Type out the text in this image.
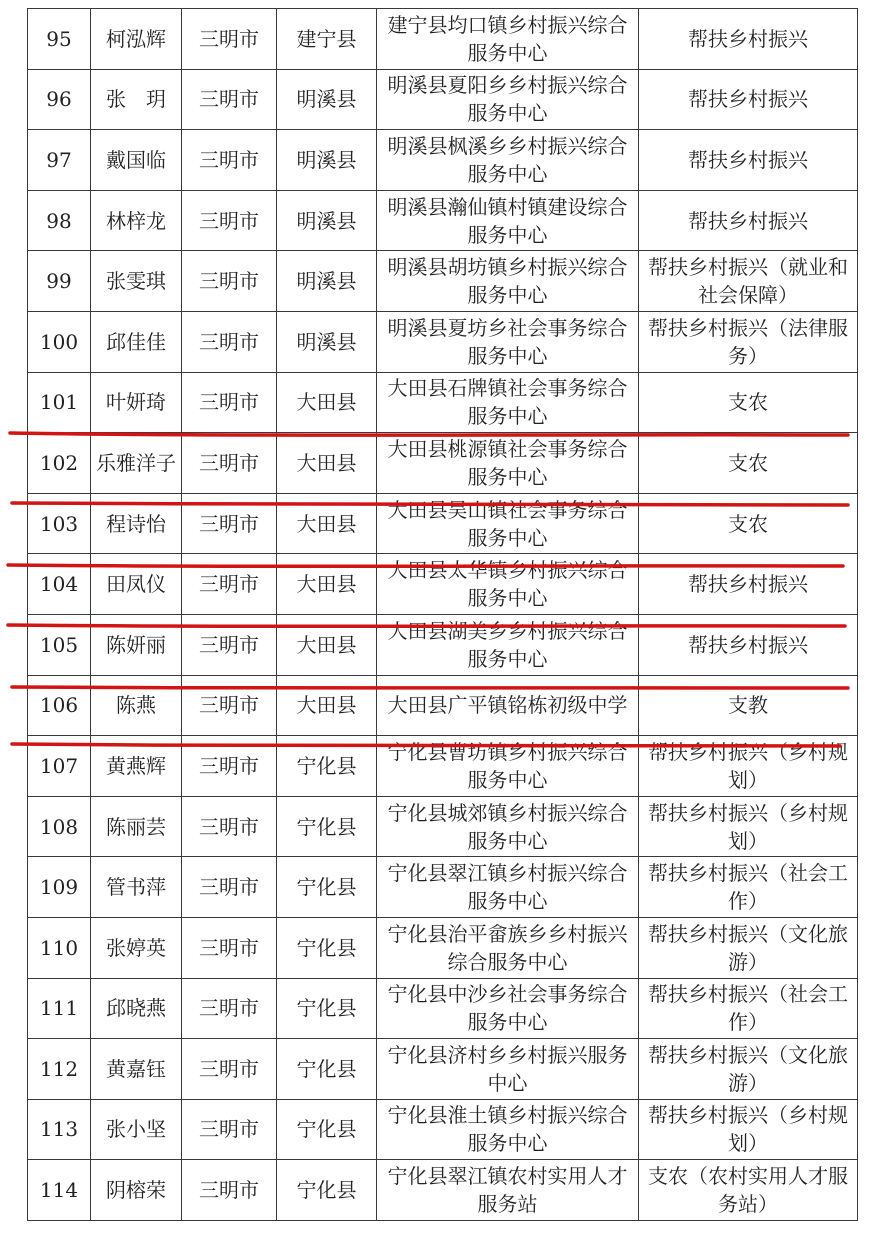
95	柯泓辉	三明市	建宁县	建宁县均口镇乡村振兴综合服务中心	帮扶乡村振兴
96	张　玥	三明市	明溪县	明溪县夏阳乡乡村振兴综合服务中心	帮扶乡村振兴
97	戴国临	三明市	明溪县	明溪县枫溪乡乡村振兴综合服务中心	帮扶乡村振兴
98	林梓龙	三明市	明溪县	明溪县瀚仙镇村镇建设综合服务中心	帮扶乡村振兴
99	张雯琪	三明市	明溪县	明溪县胡坊镇乡村振兴综合服务中心	帮扶乡村振兴（就业和社会保障）
100	邱佳佳	三明市	明溪县	明溪县夏坊乡社会事务综合服务中心	帮扶乡村振兴（法律服务）
101	叶妍琦	三明市	大田县	大田县石牌镇社会事务综合服务中心	支农
102	乐雅洋子	三明市	大田县	大田县桃源镇社会事务综合服务中心	支农
103	程诗怡	三明市	大田县	大田县吴山镇社会事务综合服务中心	支农
104	田凤仪	三明市	大田县	大田县太华镇乡村振兴综合服务中心	帮扶乡村振兴
105	陈妍丽	三明市	大田县	大田县湖美乡乡村振兴综合服务中心	帮扶乡村振兴
106	陈燕	三明市	大田县	大田县广平镇铭栋初级中学	支教
107	黄燕辉	三明市	宁化县	宁化县曹坊镇乡村振兴综合服务中心	帮扶乡村振兴（乡村规划）
108	陈丽芸	三明市	宁化县	宁化县城郊镇乡村振兴综合服务中心	帮扶乡村振兴（乡村规划）
109	管书萍	三明市	宁化县	宁化县翠江镇乡村振兴综合服务中心	帮扶乡村振兴（社会工作）
110	张婷英	三明市	宁化县	宁化县治平畲族乡乡村振兴综合服务中心	帮扶乡村振兴（文化旅游）
111	邱晓燕	三明市	宁化县	宁化县中沙乡社会事务综合服务中心	帮扶乡村振兴（社会工作）
112	黄嘉钰	三明市	宁化县	宁化县济村乡乡村振兴服务中心	帮扶乡村振兴（文化旅游）
113	张小坚	三明市	宁化县	宁化县淮土镇乡村振兴综合服务中心	帮扶乡村振兴（乡村规划）
114	阴榕荣	三明市	宁化县	宁化县翠江镇农村实用人才服务站	支农（农村实用人才服务站）
